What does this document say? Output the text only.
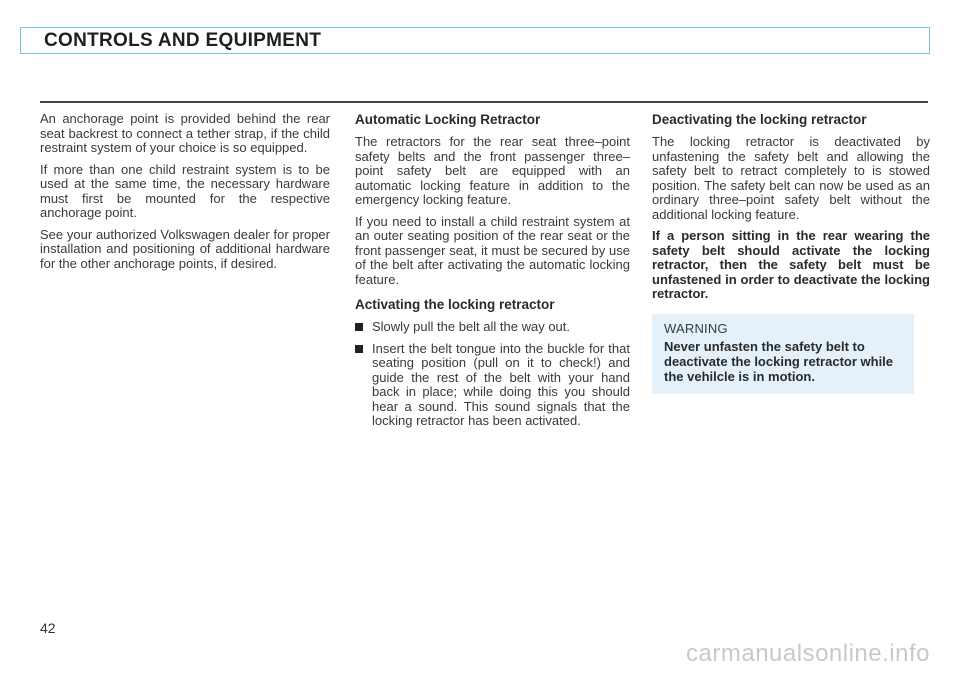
CONTROLS AND EQUIPMENT

An anchorage point is provided behind the rear seat backrest to connect a tether strap, if the child restraint system of your choice is so equipped.

If more than one child restraint system is to be used at the same time, the necessary hardware must first be mounted for the respective anchorage point.

See your authorized Volkswagen dealer for proper installation and positioning of additional hardware for the other anchorage points, if desired.

Automatic Locking Retractor

The retractors for the rear seat three–point safety belts and the front passenger three–point safety belt are equipped with an automatic locking feature in addition to the emergency locking feature.

If you need to install a child restraint system at an outer seating position of the rear seat or the front passenger seat, it must be secured by use of the belt after activating the automatic locking feature.

Activating the locking retractor
Slowly pull the belt all the way out.
Insert the belt tongue into the buckle for that seating position (pull on it to check!) and guide the rest of the belt with your hand back in place; while doing this you should hear a sound. This sound signals that the locking retractor has been activated.
Deactivating the locking retractor

The locking retractor is deactivated by unfastening the safety belt and allowing the safety belt to retract completely to is stowed position. The safety belt can now be used as an ordinary three–point safety belt without the additional locking feature.

If a person sitting in the rear wearing the safety belt should activate the locking retractor, then the safety belt must be unfastened in order to deactivate the locking retractor.

WARNING
Never unfasten the safety belt to deactivate the locking retractor while the vehilcle is in motion.
42
carmanualsonline.info
